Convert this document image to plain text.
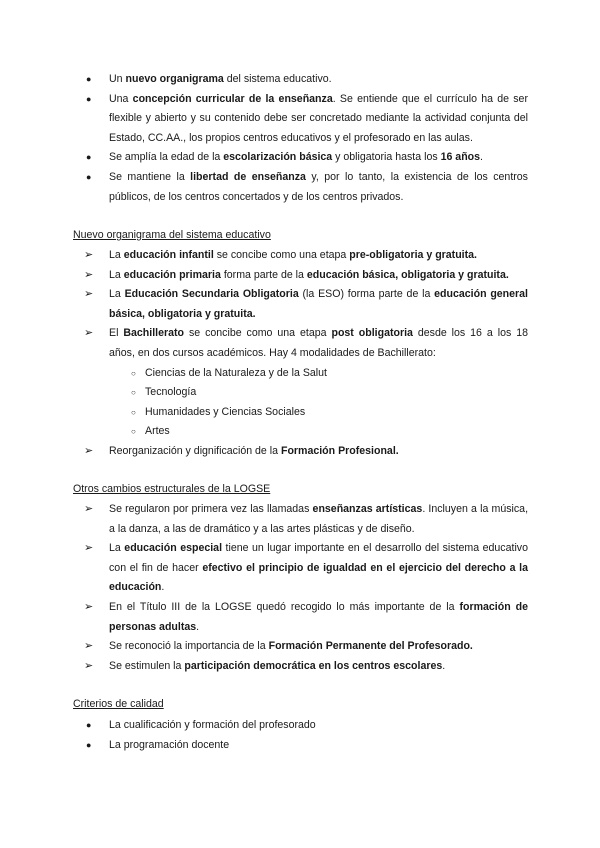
● Un nuevo organigrama del sistema educativo.
● Una concepción curricular de la enseñanza. Se entiende que el currículo ha de ser flexible y abierto y su contenido debe ser concretado mediante la actividad conjunta del Estado, CC.AA., los propios centros educativos y el profesorado en las aulas.
● Se amplía la edad de la escolarización básica y obligatoria hasta los 16 años.
● Se mantiene la libertad de enseñanza y, por lo tanto, la existencia de los centros públicos, de los centros concertados y de los centros privados.
Nuevo organigrama del sistema educativo
➢ La educación infantil se concibe como una etapa pre-obligatoria y gratuita.
➢ La educación primaria forma parte de la educación básica, obligatoria y gratuita.
➢ La Educación Secundaria Obligatoria (la ESO) forma parte de la educación general básica, obligatoria y gratuita.
➢ El Bachillerato se concibe como una etapa post obligatoria desde los 16 a los 18 años, en dos cursos académicos. Hay 4 modalidades de Bachillerato:
○ Ciencias de la Naturaleza y de la Salut
○ Tecnología
○ Humanidades y Ciencias Sociales
○ Artes
➢ Reorganización y dignificación de la Formación Profesional.
Otros cambios estructurales de la LOGSE
➢ Se regularon por primera vez las llamadas enseñanzas artísticas. Incluyen a la música, a la danza, a las de dramático y a las artes plásticas y de diseño.
➢ La educación especial tiene un lugar importante en el desarrollo del sistema educativo con el fin de hacer efectivo el principio de igualdad en el ejercicio del derecho a la educación.
➢ En el Título III de la LOGSE quedó recogido lo más importante de la formación de personas adultas.
➢ Se reconoció la importancia de la Formación Permanente del Profesorado.
➢ Se estimulen la participación democrática en los centros escolares.
Criterios de calidad
● La cualificación y formación del profesorado
● La programación docente
